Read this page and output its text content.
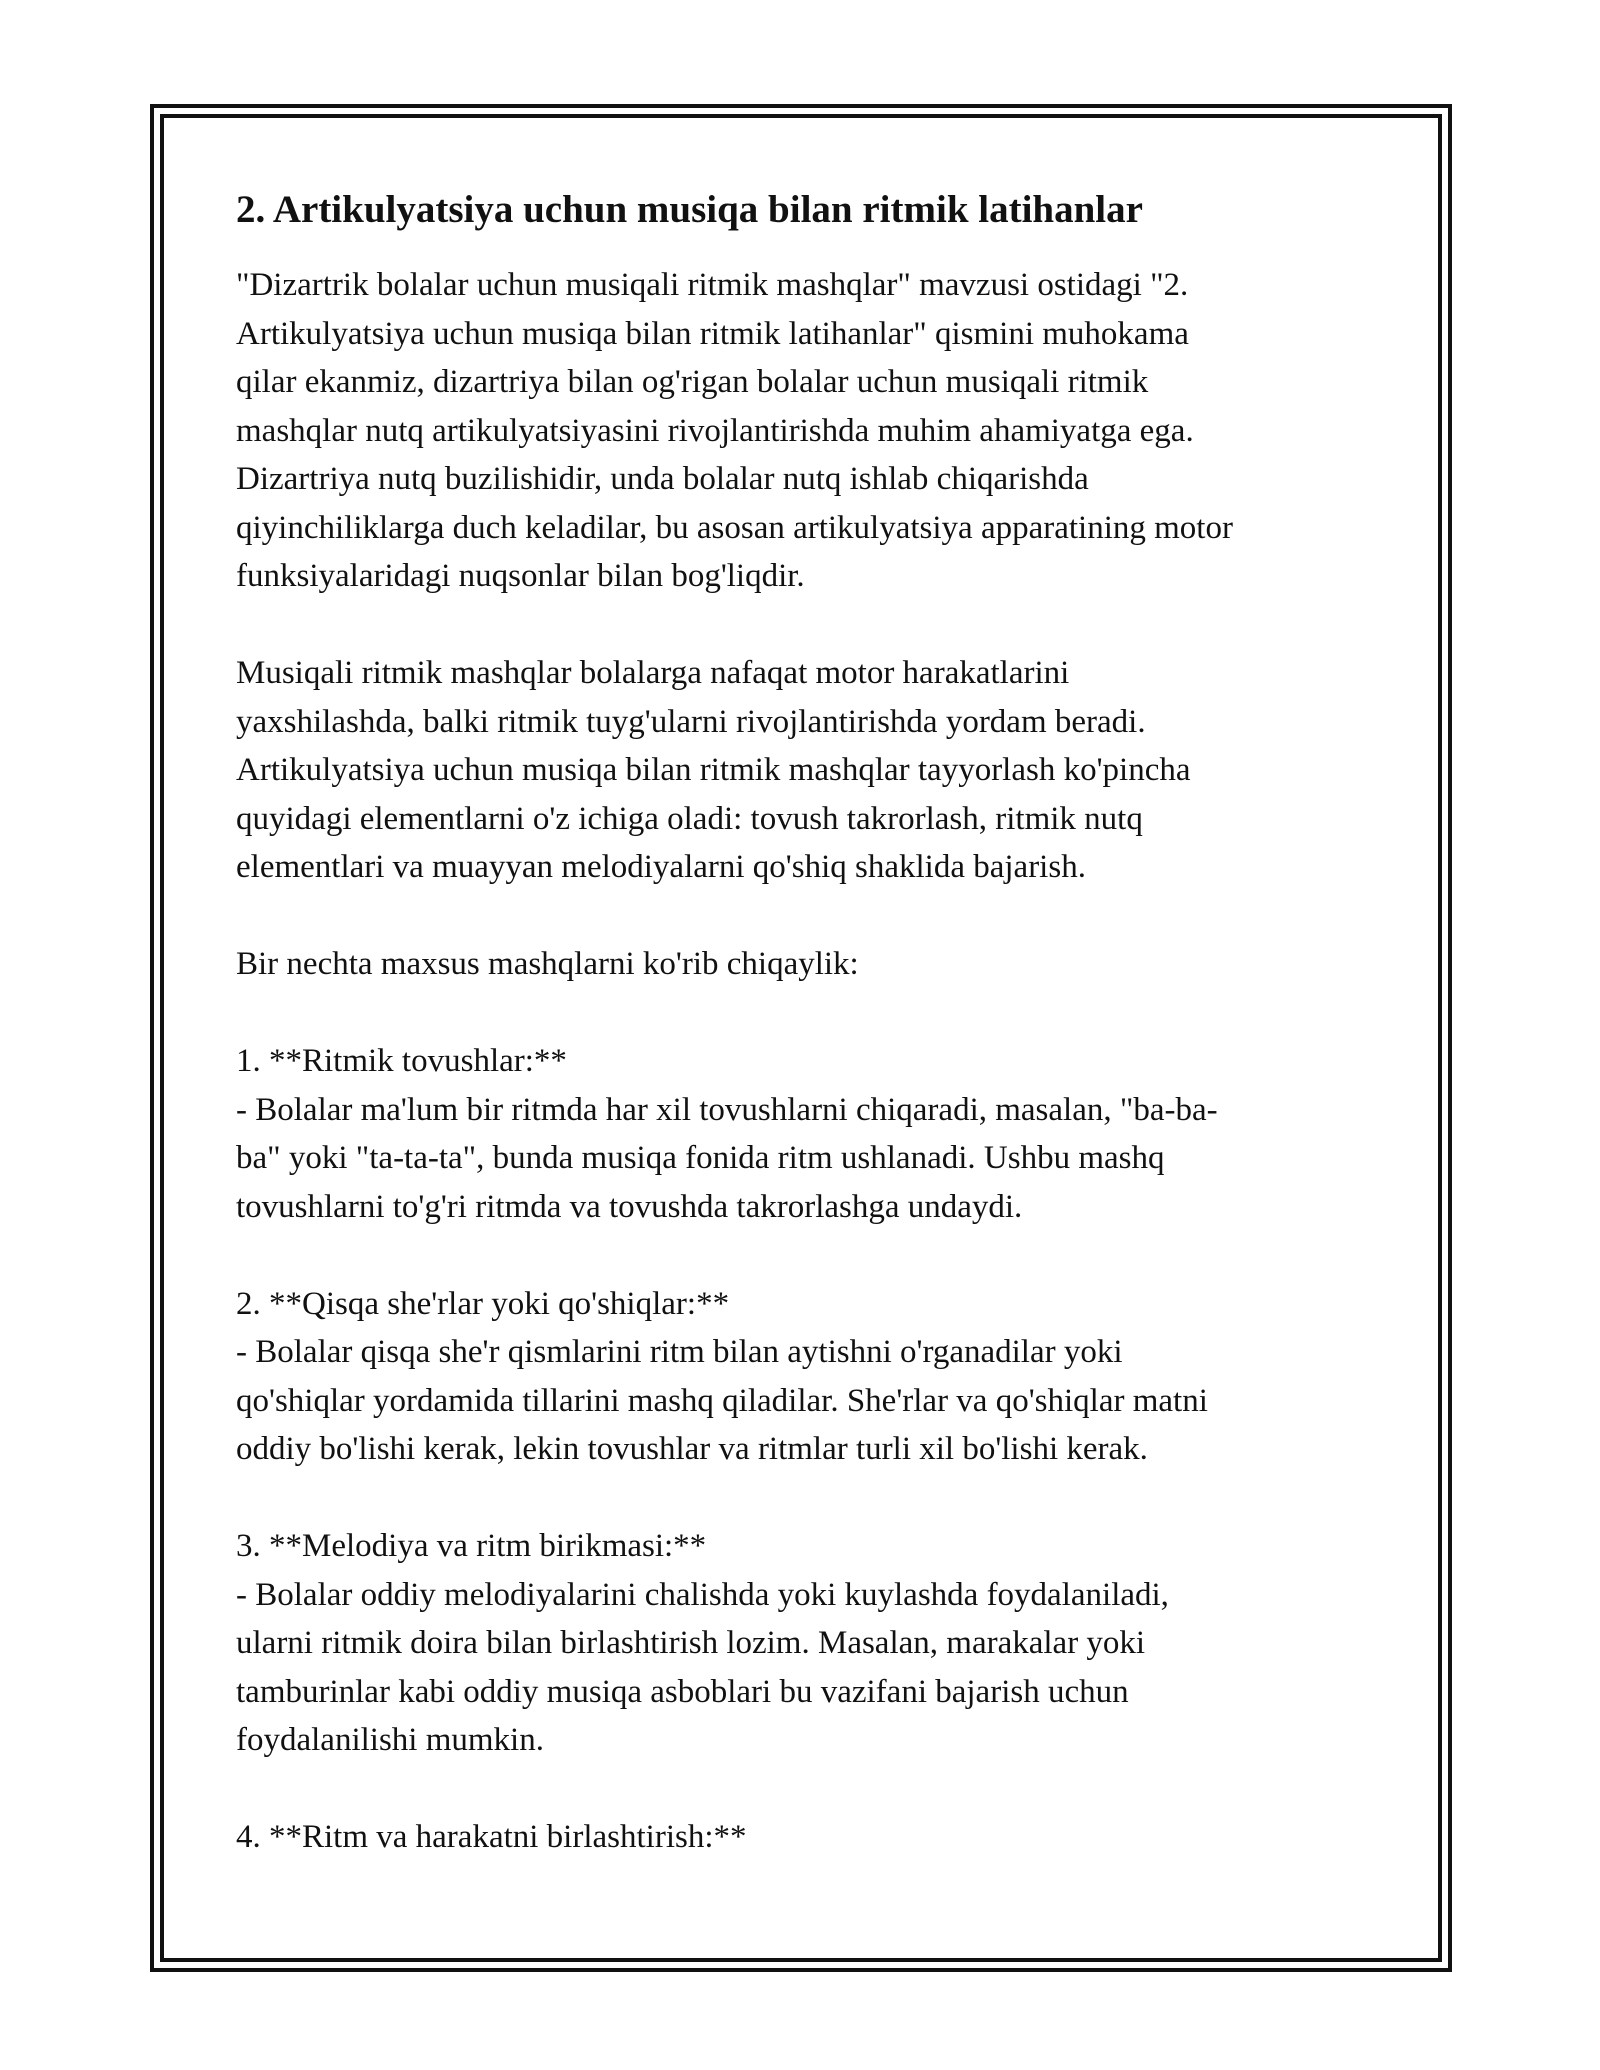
2. Artikulyatsiya uchun musiqa bilan ritmik latihanlar

"Dizartrik bolalar uchun musiqali ritmik mashqlar" mavzusi ostidagi "2.
Artikulyatsiya uchun musiqa bilan ritmik latihanlar" qismini muhokama
qilar ekanmiz, dizartriya bilan og'rigan bolalar uchun musiqali ritmik
mashqlar nutq artikulyatsiyasini rivojlantirishda muhim ahamiyatga ega.
Dizartriya nutq buzilishidir, unda bolalar nutq ishlab chiqarishda
qiyinchiliklarga duch keladilar, bu asosan artikulyatsiya apparatining motor
funksiyalaridagi nuqsonlar bilan bog'liqdir.

Musiqali ritmik mashqlar bolalarga nafaqat motor harakatlarini
yaxshilashda, balki ritmik tuyg'ularni rivojlantirishda yordam beradi.
Artikulyatsiya uchun musiqa bilan ritmik mashqlar tayyorlash ko'pincha
quyidagi elementlarni o'z ichiga oladi: tovush takrorlash, ritmik nutq
elementlari va muayyan melodiyalarni qo'shiq shaklida bajarish.

Bir nechta maxsus mashqlarni ko'rib chiqaylik:

1. **Ritmik tovushlar:**

- Bolalar ma'lum bir ritmda har xil tovushlarni chiqaradi, masalan, "ba-ba-
ba" yoki "ta-ta-ta", bunda musiqa fonida ritm ushlanadi. Ushbu mashq
tovushlarni to'g'ri ritmda va tovushda takrorlashga undaydi.

2. **Qisqa she'rlar yoki qo'shiqlar:**

- Bolalar qisqa she'r qismlarini ritm bilan aytishni o'rganadilar yoki
qo'shiqlar yordamida tillarini mashq qiladilar. She'rlar va qo'shiqlar matni
oddiy bo'lishi kerak, lekin tovushlar va ritmlar turli xil bo'lishi kerak.

3. **Melodiya va ritm birikmasi:**

- Bolalar oddiy melodiyalarini chalishda yoki kuylashda foydalaniladi,
ularni ritmik doira bilan birlashtirish lozim. Masalan, marakalar yoki
tamburinlar kabi oddiy musiqa asboblari bu vazifani bajarish uchun
foydalanilishi mumkin.

4. **Ritm va harakatni birlashtirish:**
